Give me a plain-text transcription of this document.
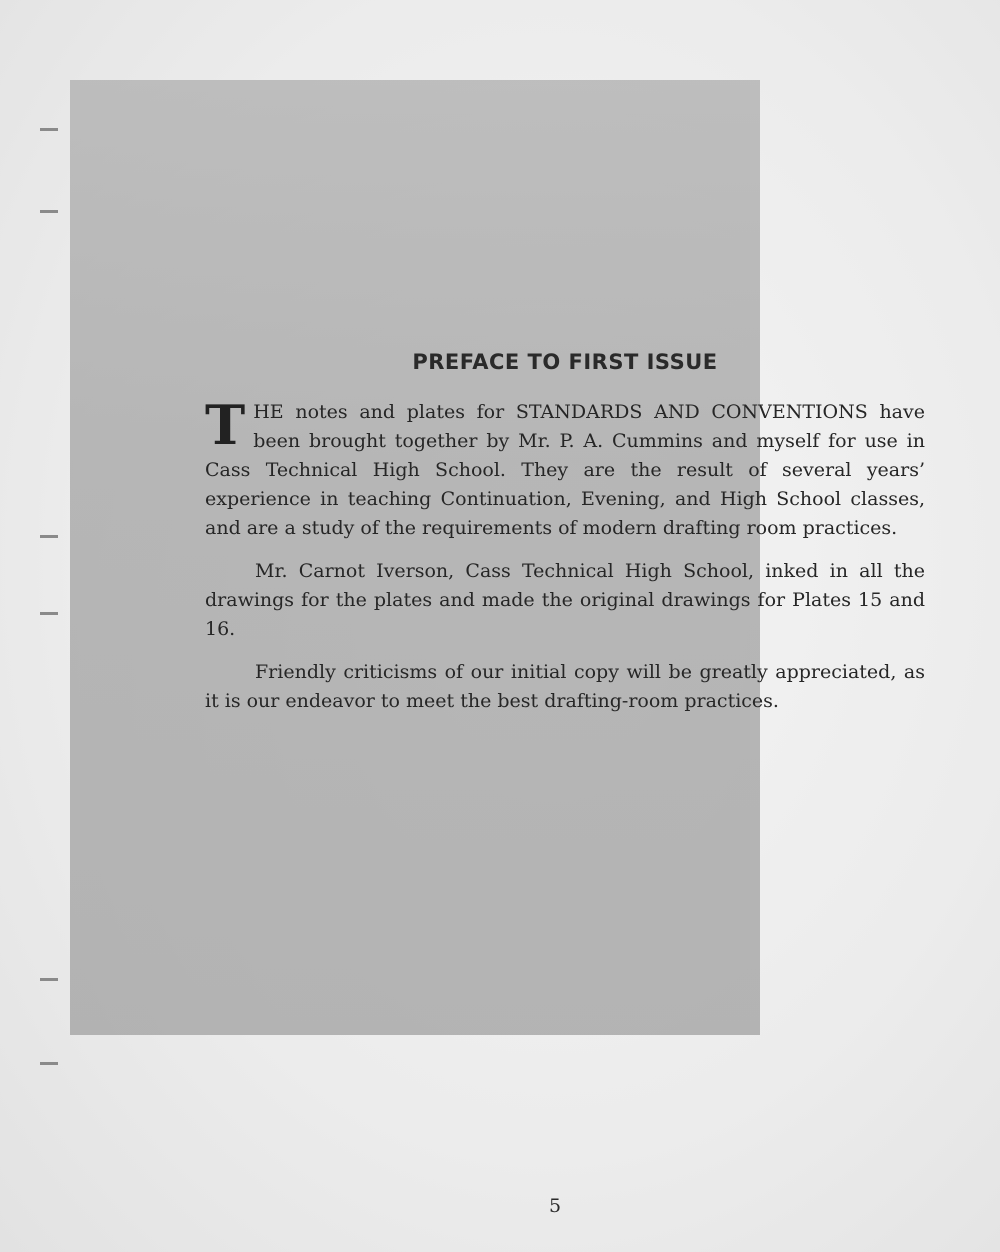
PREFACE TO FIRST ISSUE

THE notes and plates for STANDARDS AND CONVENTIONS have been brought together by Mr. P. A. Cummins and myself for use in Cass Technical High School. They are the result of several years’ experience in teaching Continuation, Evening, and High School classes, and are a study of the requirements of modern drafting room practices.

Mr. Carnot Iverson, Cass Technical High School, inked in all the drawings for the plates and made the original drawings for Plates 15 and 16.

Friendly criticisms of our initial copy will be greatly appreciated, as it is our endeavor to meet the best drafting-room practices.

5
